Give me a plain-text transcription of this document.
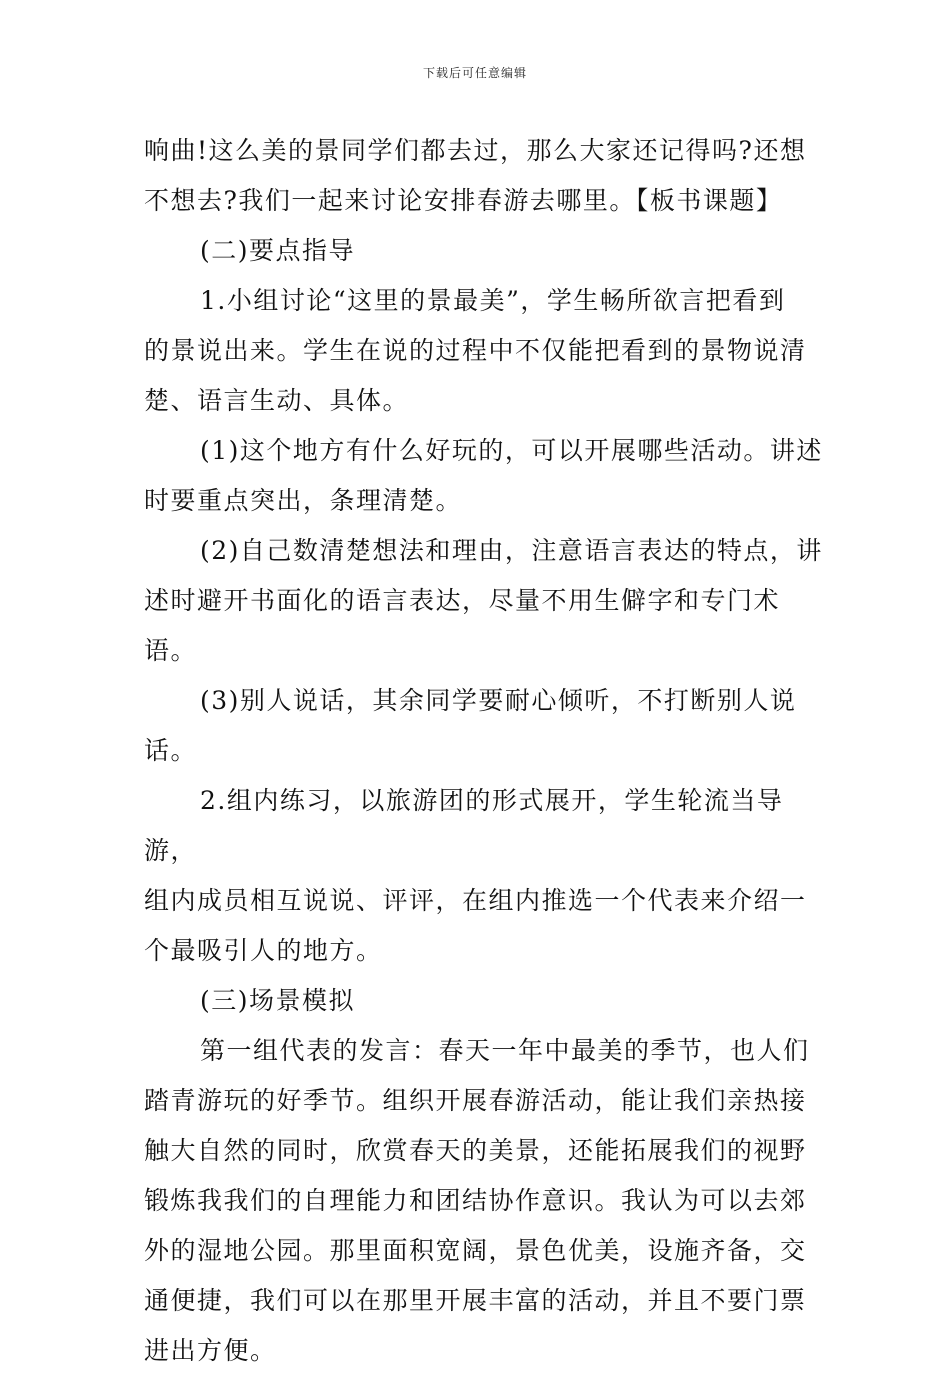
下载后可任意编辑

响曲!这么美的景同学们都去过，那么大家还记得吗?还想
不想去?我们一起来讨论安排春游去哪里。【板书课题】

(二)要点指导

1.小组讨论“这里的景最美”，学生畅所欲言把看到
的景说出来。学生在说的过程中不仅能把看到的景物说清
楚、语言生动、具体。

(1)这个地方有什么好玩的，可以开展哪些活动。讲述
时要重点突出，条理清楚。

(2)自己数清楚想法和理由，注意语言表达的特点，讲
述时避开书面化的语言表达，尽量不用生僻字和专门术语。

(3)别人说话，其余同学要耐心倾听，不打断别人说话。

2.组内练习，以旅游团的形式展开，学生轮流当导游，
组内成员相互说说、评评，在组内推选一个代表来介绍一
个最吸引人的地方。

(三)场景模拟

第一组代表的发言：春天一年中最美的季节，也人们
踏青游玩的好季节。组织开展春游活动，能让我们亲热接
触大自然的同时，欣赏春天的美景，还能拓展我们的视野
锻炼我我们的自理能力和团结协作意识。我认为可以去郊
外的湿地公园。那里面积宽阔，景色优美，设施齐备，交
通便捷，我们可以在那里开展丰富的活动，并且不要门票
进出方便。
